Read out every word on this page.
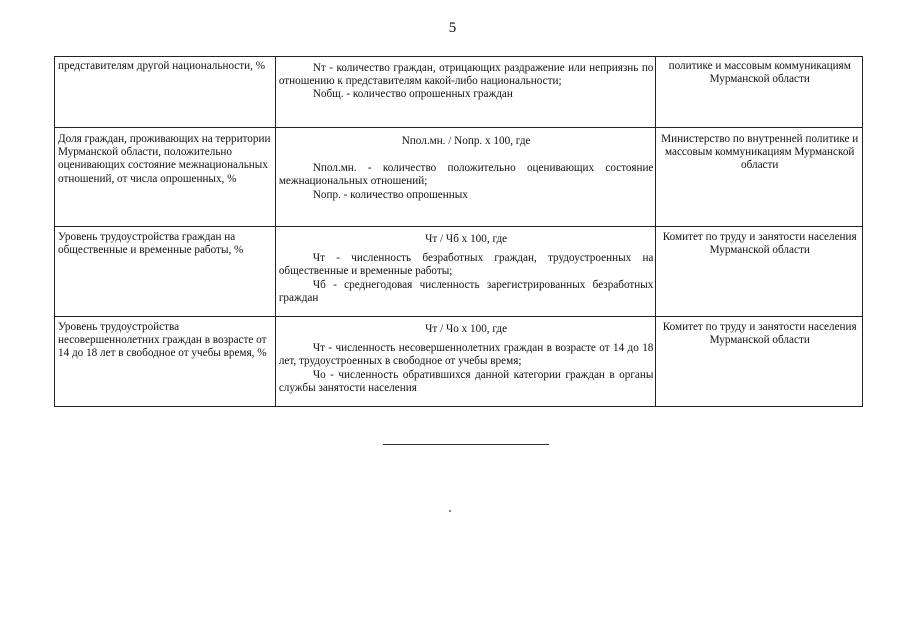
5
представителям другой национальности, %	Nт - количество граждан, отрицающих раздражение или неприязнь по отношению к представителям какой-либо национальности;

Nобщ. - количество опрошенных граждан	политике и массовым коммуникациям Мурманской области
Доля граждан, проживающих на территории Мурманской области, положительно оценивающих состояние межнациональных отношений, от числа опрошенных, %	Nпол.мн. / Nопр. х 100, где

Nпол.мн. - количество положительно оценивающих состояние межнациональных отношений;

Nопр. - количество опрошенных	Министерство по внутренней политике и массовым коммуникациям Мурманской области
Уровень трудоустройства граждан на общественные и временные работы, %	Чт / Чб х 100, где

Чт - численность безработных граждан, трудоустроенных на общественные и временные работы;

Чб - среднегодовая численность зарегистрированных безработных граждан	Комитет по труду и занятости населения Мурманской области
Уровень трудоустройства несовершеннолетних граждан в возрасте от 14 до 18 лет в свободное от учебы время, %	Чт / Чо х 100, где

Чт - численность несовершеннолетних граждан в возрасте от 14 до 18 лет, трудоустроенных в свободное от учебы время;

Чо - численность обратившихся данной категории граждан в органы службы занятости населения	Комитет по труду и занятости населения Мурманской области
